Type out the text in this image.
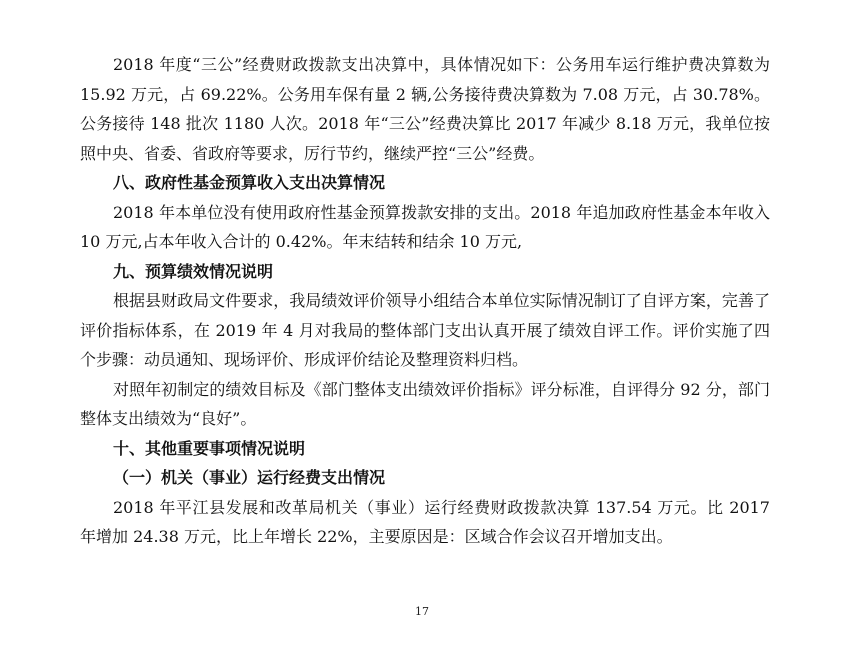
2018 年度“三公”经费财政拨款支出决算中，具体情况如下：公务用车运行维护费决算数为 15.92 万元，占 69.22%。公务用车保有量 2 辆,公务接待费决算数为 7.08 万元，占 30.78%。公务接待 148 批次 1180 人次。2018 年“三公”经费决算比 2017 年减少 8.18 万元，我单位按照中央、省委、省政府等要求，厉行节约，继续严控“三公”经费。

八、政府性基金预算收入支出决算情况

2018 年本单位没有使用政府性基金预算拨款安排的支出。2018 年追加政府性基金本年收入 10 万元,占本年收入合计的 0.42%。年末结转和结余 10 万元,

九、预算绩效情况说明

根据县财政局文件要求，我局绩效评价领导小组结合本单位实际情况制订了自评方案，完善了评价指标体系，在 2019 年 4 月对我局的整体部门支出认真开展了绩效自评工作。评价实施了四个步骤：动员通知、现场评价、形成评价结论及整理资料归档。

对照年初制定的绩效目标及《部门整体支出绩效评价指标》评分标准，自评得分 92 分，部门整体支出绩效为“良好”。

十、其他重要事项情况说明

（一）机关（事业）运行经费支出情况

2018 年平江县发展和改革局机关（事业）运行经费财政拨款决算 137.54 万元。比 2017 年增加 24.38 万元，比上年增长 22%，主要原因是：区域合作会议召开增加支出。

17
